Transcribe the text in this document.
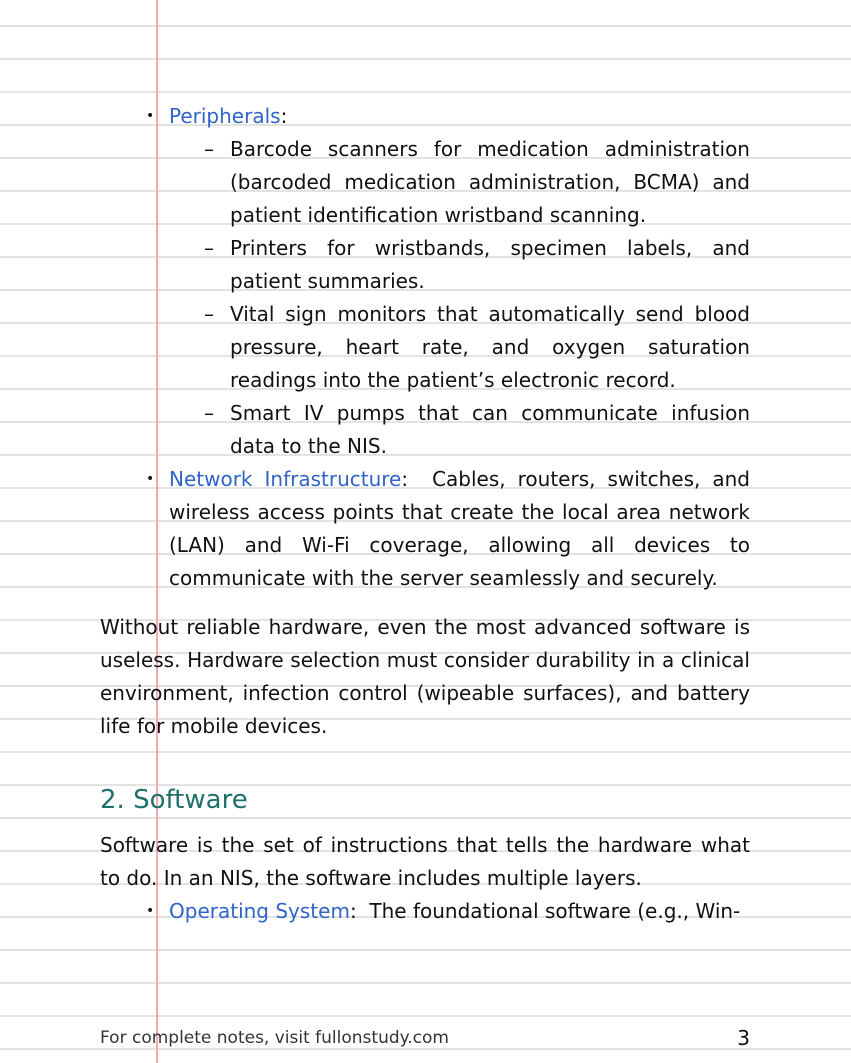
• Peripherals:
– Barcode scanners for medication administration (barcoded medication administration, BCMA) and patient identification wristband scanning.
– Printers for wristbands, specimen labels, and patient summaries.
– Vital sign monitors that automatically send blood pressure, heart rate, and oxygen saturation readings into the patient’s electronic record.
– Smart IV pumps that can communicate infusion data to the NIS.
• Network Infrastructure:  Cables, routers, switches, and wireless access points that create the local area network (LAN) and Wi-Fi coverage, allowing all devices to communicate with the server seamlessly and securely.

Without reliable hardware, even the most advanced software is useless. Hardware selection must consider durability in a clinical environment, infection control (wipeable surfaces), and battery life for mobile devices.

2. Software

Software is the set of instructions that tells the hardware what to do. In an NIS, the software includes multiple layers.

• Operating System:  The foundational software (e.g., Win-
For complete notes, visit fullonstudy.com	3
